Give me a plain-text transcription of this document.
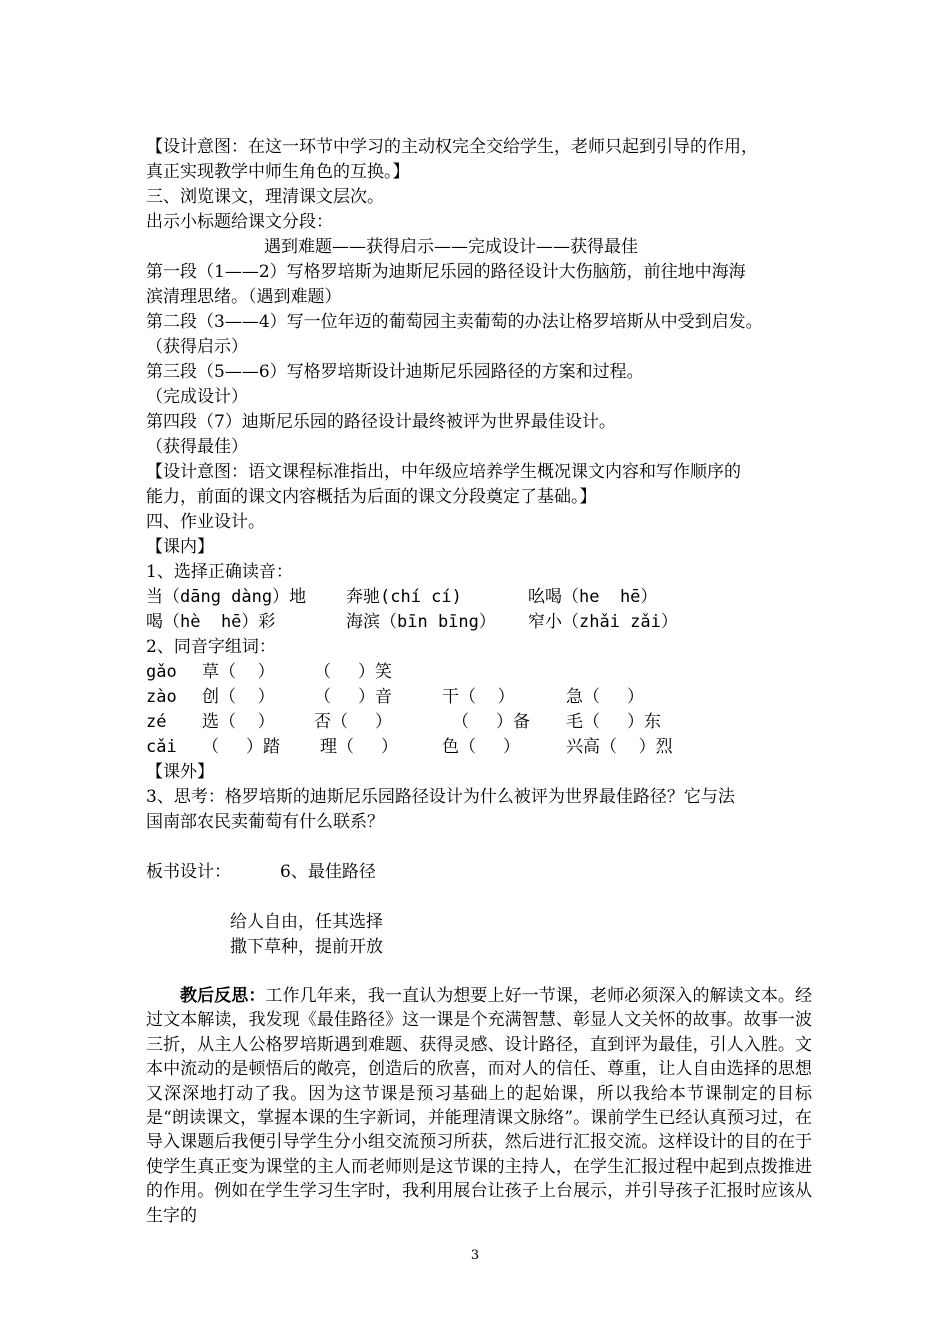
【设计意图：在这一环节中学习的主动权完全交给学生，老师只起到引导的作用，
真正实现教学中师生角色的互换。】
三、浏览课文，理清课文层次。
出示小标题给课文分段：
遇到难题——获得启示——完成设计——获得最佳
第一段（1——2）写格罗培斯为迪斯尼乐园的路径设计大伤脑筋，前往地中海海
滨清理思绪。（遇到难题）
第二段（3——4）写一位年迈的葡萄园主卖葡萄的办法让格罗培斯从中受到启发。
（获得启示）
第三段（5——6）写格罗培斯设计迪斯尼乐园路径的方案和过程。
（完成设计）
第四段（7）迪斯尼乐园的路径设计最终被评为世界最佳设计。
（获得最佳）
【设计意图：语文课程标准指出，中年级应培养学生概况课文内容和写作顺序的
能力，前面的课文内容概括为后面的课文分段奠定了基础。】
四、作业设计。
【课内】
1、选择正确读音：
当（dāng dàng）地 奔驰(chí cí)	吆喝（he  hē）
喝（hè  hē）彩	海滨（bīn bīng） 窄小（zhǎi zǎi）
2、同音字组词：
gǎo 草（    ） （     ）笑
zào 创（    ） （     ）音	干（    ）	急（     ）
zé 选（    ） 否（     ）	（     ）备 毛（     ）东
cǎi （     ）踏 理（     ）	色（     ）	兴高（    ）烈
【课外】
3、思考：格罗培斯的迪斯尼乐园路径设计为什么被评为世界最佳路径？它与法
国南部农民卖葡萄有什么联系？
板书设计：	6、最佳路径
给人自由，任其选择
撒下草种，提前开放
教后反思：工作几年来，我一直认为想要上好一节课，老师必须深入的解读文本。经过文本解读，我发现《最佳路径》这一课是个充满智慧、彰显人文关怀的故事。故事一波三折，从主人公格罗培斯遇到难题、获得灵感、设计路径，直到评为最佳，引人入胜。文本中流动的是顿悟后的敞亮，创造后的欣喜，而对人的信任、尊重，让人自由选择的思想又深深地打动了我。因为这节课是预习基础上的起始课，所以我给本节课制定的目标是“朗读课文，掌握本课的生字新词，并能理清课文脉络”。课前学生已经认真预习过，在导入课题后我便引导学生分小组交流预习所获，然后进行汇报交流。这样设计的目的在于使学生真正变为课堂的主人而老师则是这节课的主持人，在学生汇报过程中起到点拨推进的作用。例如在学生学习生字时，我利用展台让孩子上台展示，并引导孩子汇报时应该从生字的
3
